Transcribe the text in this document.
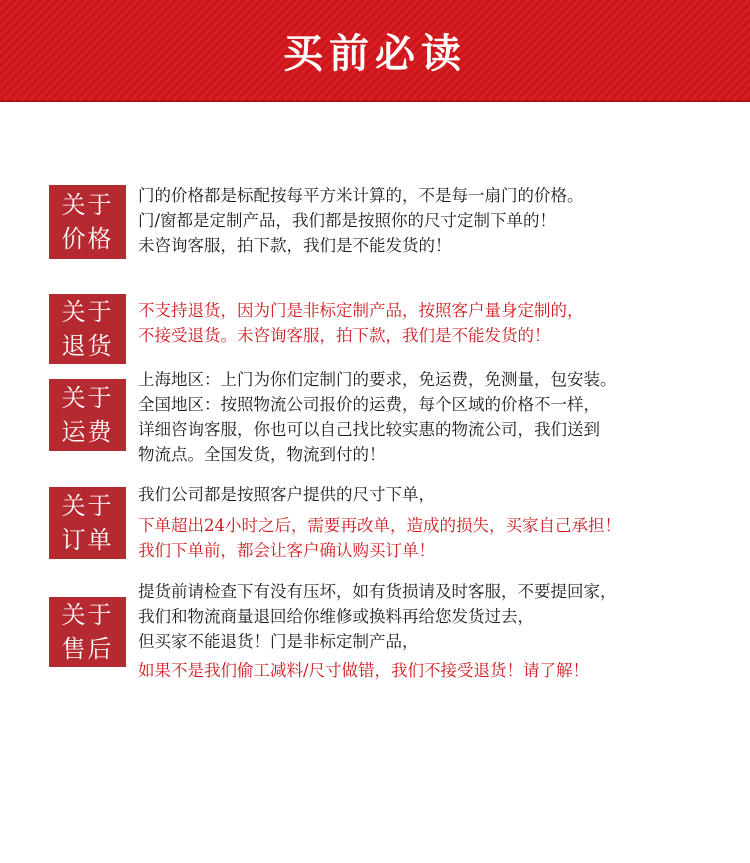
买前必读
关于
价格
门的价格都是标配按每平方米计算的，不是每一扇门的价格。
门/窗都是定制产品，我们都是按照你的尺寸定制下单的！
未咨询客服，拍下款，我们是不能发货的！
关于
退货
不支持退货，因为门是非标定制产品，按照客户量身定制的，
不接受退货。未咨询客服，拍下款，我们是不能发货的！
关于
运费
上海地区：上门为你们定制门的要求，免运费，免测量，包安装。
全国地区：按照物流公司报价的运费，每个区域的价格不一样，
详细咨询客服，你也可以自己找比较实惠的物流公司，我们送到
物流点。全国发货，物流到付的！
关于
订单
我们公司都是按照客户提供的尺寸下单，
下单超出24小时之后，需要再改单，造成的损失，买家自己承担！
我们下单前，都会让客户确认购买订单！
关于
售后
提货前请检查下有没有压坏，如有货损请及时客服，不要提回家，
我们和物流商量退回给你维修或换料再给您发货过去，
但买家不能退货！门是非标定制产品，
如果不是我们偷工减料/尺寸做错，我们不接受退货！请了解！
